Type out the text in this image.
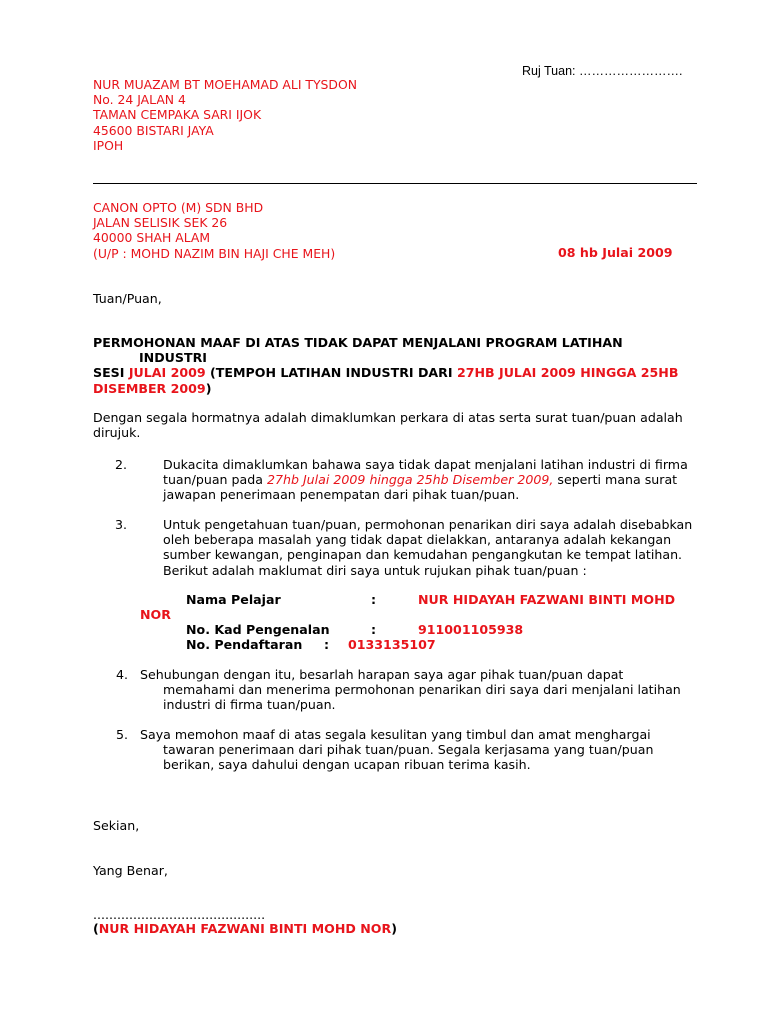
Ruj Tuan: …………………….
NUR MUAZAM BT MOEHAMAD ALI TYSDON
No. 24 JALAN 4
TAMAN CEMPAKA SARI IJOK
45600 BISTARI JAYA
IPOH
CANON OPTO (M) SDN BHD
JALAN SELISIK SEK 26
40000 SHAH ALAM
(U/P : MOHD NAZIM BIN HAJI CHE MEH)	08 hb Julai 2009
Tuan/Puan,
PERMOHONAN MAAF DI ATAS TIDAK DAPAT MENJALANI PROGRAM LATIHAN
INDUSTRI
SESI JULAI 2009 (TEMPOH LATIHAN INDUSTRI DARI 27HB JULAI 2009 HINGGA 25HB
DISEMBER 2009)
Dengan segala hormatnya adalah dimaklumkan perkara di atas serta surat tuan/puan adalah
dirujuk.
2.	Dukacita dimaklumkan bahawa saya tidak dapat menjalani latihan industri di firma
tuan/puan pada 27hb Julai 2009 hingga 25hb Disember 2009, seperti mana surat
jawapan penerimaan penempatan dari pihak tuan/puan.
3.	Untuk pengetahuan tuan/puan, permohonan penarikan diri saya adalah disebabkan
oleh beberapa masalah yang tidak dapat dielakkan, antaranya adalah kekangan
sumber kewangan, penginapan dan kemudahan pengangkutan ke tempat latihan.
Berikut adalah maklumat diri saya untuk rujukan pihak tuan/puan :
Nama Pelajar	:	NUR HIDAYAH FAZWANI BINTI MOHD
NOR
No. Kad Pengenalan	:	911001105938
No. Pendaftaran : 0133135107
4. Sehubungan dengan itu, besarlah harapan saya agar pihak tuan/puan dapat
memahami dan menerima permohonan penarikan diri saya dari menjalani latihan
industri di firma tuan/puan.
5. Saya memohon maaf di atas segala kesulitan yang timbul dan amat menghargai
tawaran penerimaan dari pihak tuan/puan. Segala kerjasama yang tuan/puan
berikan, saya dahului dengan ucapan ribuan terima kasih.
Sekian,
Yang Benar,
...........................................
(NUR HIDAYAH FAZWANI BINTI MOHD NOR)
